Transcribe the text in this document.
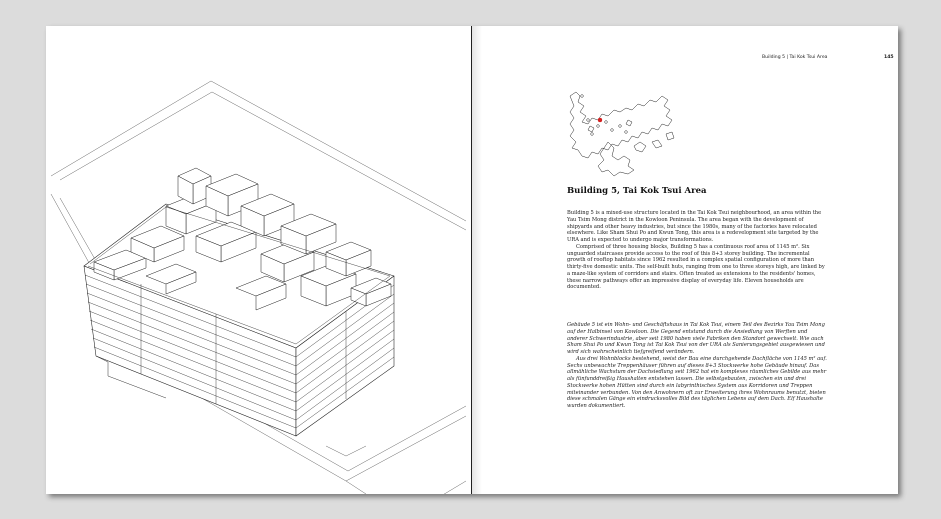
Building 5 | Tai Kok Tsui Area	145
Building 5, Tai Kok Tsui Area

Building 5 is a mixed-use structure located in the Tai Kok Tsui neighbourhood, an area within the Yau Tsim Mong district in the Kowloon Peninsula. The area began with the development of shipyards and other heavy industries, but since the 1980s, many of the factories have relocated elsewhere. Like Sham Shui Po and Kwun Tong, this area is a redevelopment site targeted by the URA and is expected to undergo major transformations.

Comprised of three housing blocks, Building 5 has a continuous roof area of 1145 m². Six unguarded staircases provide access to the roof of this 8+3 storey building. The incremental growth of rooftop habitats since 1962 resulted in a complex spatial configuration of more than thirty-five domestic units. The self-built huts, ranging from one to three storeys high, are linked by a maze-like system of corridors and stairs. Often treated as extensions to the residents' homes, these narrow pathways offer an impressive display of everyday life. Eleven households are documented.

Gebäude 5 ist ein Wohn- und Geschäftshaus in Tai Kok Tsui, einem Teil des Bezirks Yau Tsim Mong auf der Halbinsel von Kowloon. Die Gegend entstand durch die Ansiedlung von Werften und anderer Schwerindustrie, aber seit 1980 haben viele Fabriken den Standort gewechselt. Wie auch Sham Shui Po und Kwun Tong ist Tai Kok Tsui von der URA als Sanierungsgebiet ausgewiesen und wird sich wahrscheinlich tiefgreifend verändern.

Aus drei Wohnblocks bestehend, weist der Bau eine durchgehende Dachfläche von 1145 m² auf. Sechs unbewachte Treppenhäuser führen auf dieses 8+3 Stockwerke hohe Gebäude hinauf. Das allmähliche Wachstum der Dachsiedlung seit 1962 hat ein komplexes räumliches Gebilde aus mehr als fünfunddreißig Haushalten entstehen lassen. Die selbstgebauten, zwischen ein und drei Stockwerke hohen Hütten sind durch ein labyrinthisches System aus Korridoren und Treppen miteinander verbunden. Von den Anwohnern oft zur Erweiterung ihres Wohnraums benutzt, bieten diese schmalen Gänge ein eindrucksvolles Bild des täglichen Lebens auf dem Dach. Elf Haushalte wurden dokumentiert.
